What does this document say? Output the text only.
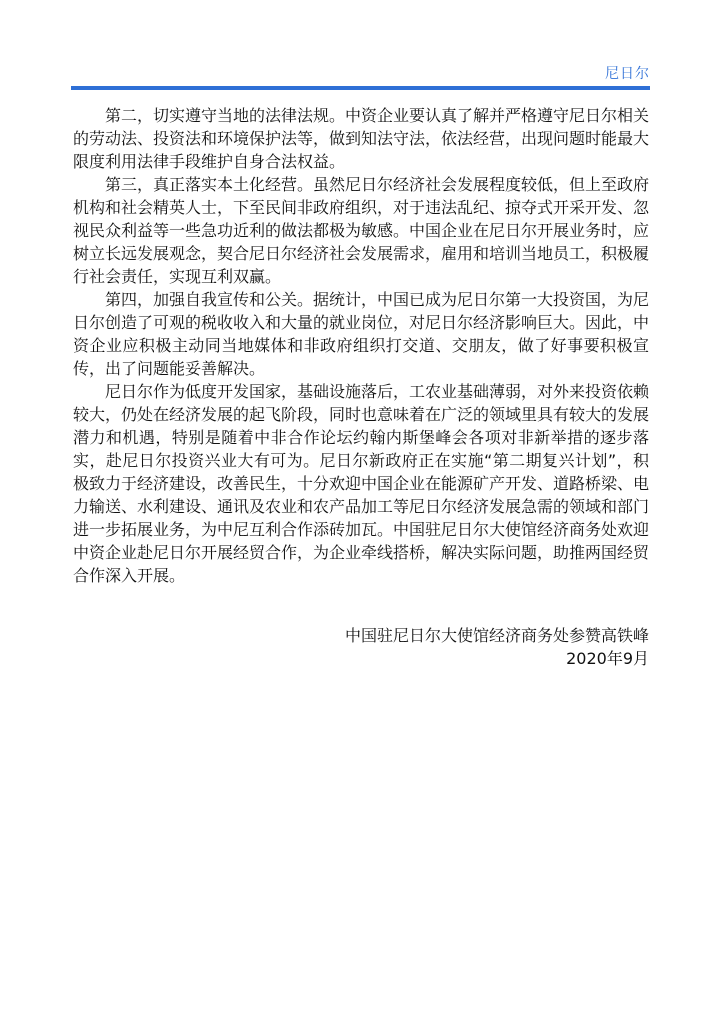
尼日尔

第二，切实遵守当地的法律法规。中资企业要认真了解并严格遵守尼日尔相关的劳动法、投资法和环境保护法等，做到知法守法，依法经营，出现问题时能最大限度利用法律手段维护自身合法权益。

第三，真正落实本土化经营。虽然尼日尔经济社会发展程度较低，但上至政府机构和社会精英人士，下至民间非政府组织，对于违法乱纪、掠夺式开采开发、忽视民众利益等一些急功近利的做法都极为敏感。中国企业在尼日尔开展业务时，应树立长远发展观念，契合尼日尔经济社会发展需求，雇用和培训当地员工，积极履行社会责任，实现互利双赢。

第四，加强自我宣传和公关。据统计，中国已成为尼日尔第一大投资国，为尼日尔创造了可观的税收收入和大量的就业岗位，对尼日尔经济影响巨大。因此，中资企业应积极主动同当地媒体和非政府组织打交道、交朋友，做了好事要积极宣传，出了问题能妥善解决。

尼日尔作为低度开发国家，基础设施落后，工农业基础薄弱，对外来投资依赖较大，仍处在经济发展的起飞阶段，同时也意味着在广泛的领域里具有较大的发展潜力和机遇，特别是随着中非合作论坛约翰内斯堡峰会各项对非新举措的逐步落实，赴尼日尔投资兴业大有可为。尼日尔新政府正在实施“第二期复兴计划”，积极致力于经济建设，改善民生，十分欢迎中国企业在能源矿产开发、道路桥梁、电力输送、水利建设、通讯及农业和农产品加工等尼日尔经济发展急需的领域和部门进一步拓展业务，为中尼互利合作添砖加瓦。中国驻尼日尔大使馆经济商务处欢迎中资企业赴尼日尔开展经贸合作，为企业牵线搭桥，解决实际问题，助推两国经贸合作深入开展。

中国驻尼日尔大使馆经济商务处参赞高铁峰
2020年9月
